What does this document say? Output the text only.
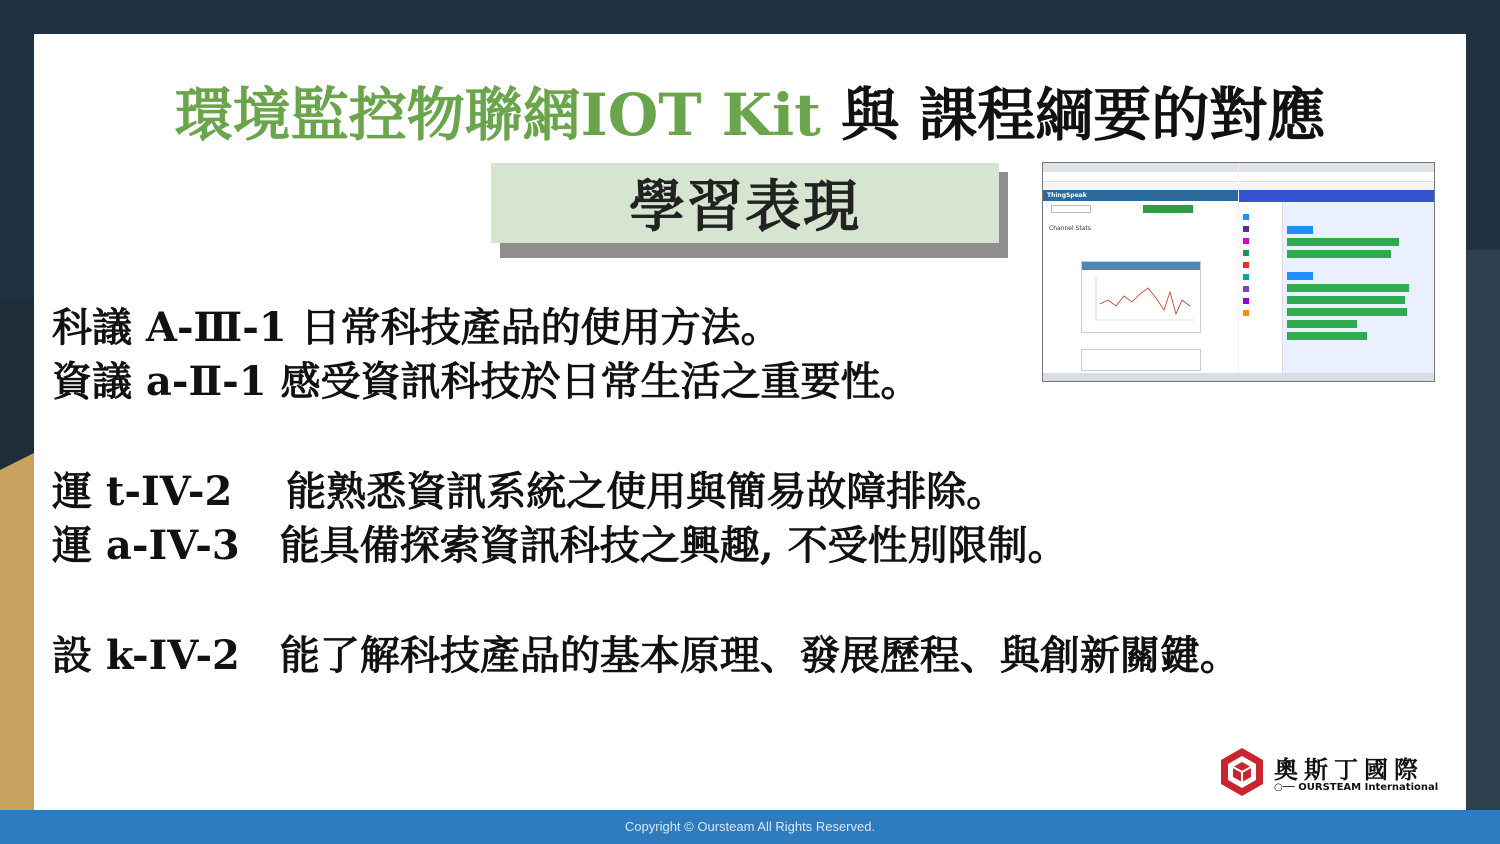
環境監控物聯網IOT Kit 與 課程綱要的對應
學習表現
科議 A-Ⅲ-1 日常科技產品的使用方法。
資議 a-Ⅱ-1 感受資訊科技於日常生活之重要性。
運 t-IV-2　 能熟悉資訊系統之使用與簡易故障排除。
運 a-IV-3　能具備探索資訊科技之興趣, 不受性別限制。
設 k-IV-2　能了解科技產品的基本原理、發展歷程、與創新關鍵。
ThingSpeak
Channel Stats
奧斯丁國際
○── OURSTEAM International
Copyright © Oursteam All Rights Reserved.
